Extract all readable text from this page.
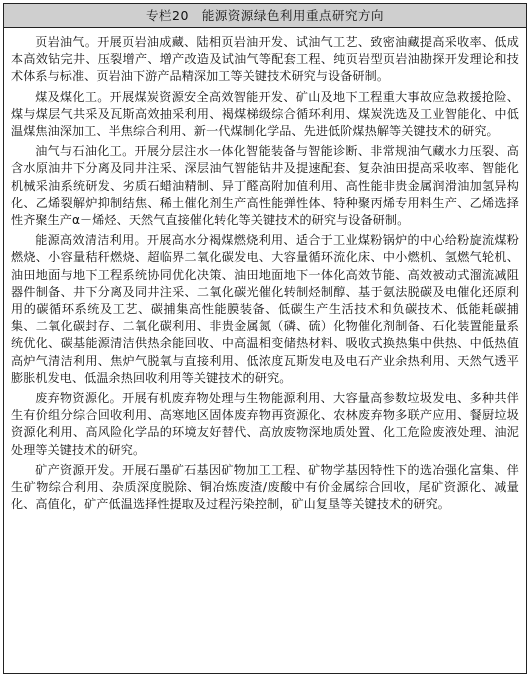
专栏20　能源资源绿色利用重点研究方向

页岩油气。开展页岩油成藏、陆相页岩油开发、试油气工艺、致密油藏提高采收率、低成本高效钻完井、压裂增产、增产改造及试油气等配套工程、纯页岩型页岩油勘探开发理论和技术体系与标准、页岩油下游产品精深加工等关键技术研究与设备研制。

煤及煤化工。开展煤炭资源安全高效智能开发、矿山及地下工程重大事故应急救援抢险、煤与煤层气共采及瓦斯高效抽采利用、褐煤梯级综合循环利用、煤炭洗选及工业智能化、中低温煤焦油深加工、半焦综合利用、新一代煤制化学品、先进低阶煤热解等关键技术的研究。

油气与石油化工。开展分层注水一体化智能装备与智能诊断、非常规油气藏水力压裂、高含水原油井下分离及同井注采、深层油气智能钻井及提速配套、复杂油田提高采收率、智能化机械采油系统研发、劣质石蜡油精制、异丁醛高附加值利用、高性能非贵金属润滑油加氢异构化、乙烯裂解炉抑制结焦、稀土催化剂生产高性能弹性体、特种聚丙烯专用料生产、乙烯选择性齐聚生产α－烯烃、天然气直接催化转化等关键技术的研究与设备研制。

能源高效清洁利用。开展高水分褐煤燃烧利用、适合于工业煤粉锅炉的中心给粉旋流煤粉燃烧、小容量秸秆燃烧、超临界二氧化碳发电、大容量循环流化床、中小燃机、氢燃气轮机、油田地面与地下工程系统协同优化决策、油田地面地下一体化高效节能、高效被动式溜流减阻器件制备、井下分离及同井注采、二氧化碳光催化转制烃制醇、基于氨法脱碳及电催化还原利用的碳循环系统及工艺、碳捕集高性能膜装备、低碳生产生活技术和负碳技术、低能耗碳捕集、二氧化碳封存、二氧化碳利用、非贵金属氮（磷、硫）化物催化剂制备、石化装置能量系统优化、碳基能源清洁供热余能回收、中高温相变储热材料、吸收式换热集中供热、中低热值高炉气清洁利用、焦炉气脱氧与直接利用、低浓度瓦斯发电及电石产业余热利用、天然气透平膨胀机发电、低温余热回收利用等关键技术的研究。

废弃物资源化。开展有机废弃物处理与生物能源利用、大容量高参数垃圾发电、多种共伴生有价组分综合回收利用、高寒地区固体废弃物再资源化、农林废弃物多联产应用、餐厨垃圾资源化利用、高风险化学品的环境友好替代、高放废物深地质处置、化工危险废液处理、油泥处理等关键技术的研究。

矿产资源开发。开展石墨矿石基因矿物加工工程、矿物学基因特性下的选冶强化富集、伴生矿物综合利用、杂质深度脱除、铜冶炼废渣/废酸中有价金属综合回收，尾矿资源化、减量化、高值化，矿产低温选择性提取及过程污染控制，矿山复垦等关键技术的研究。
